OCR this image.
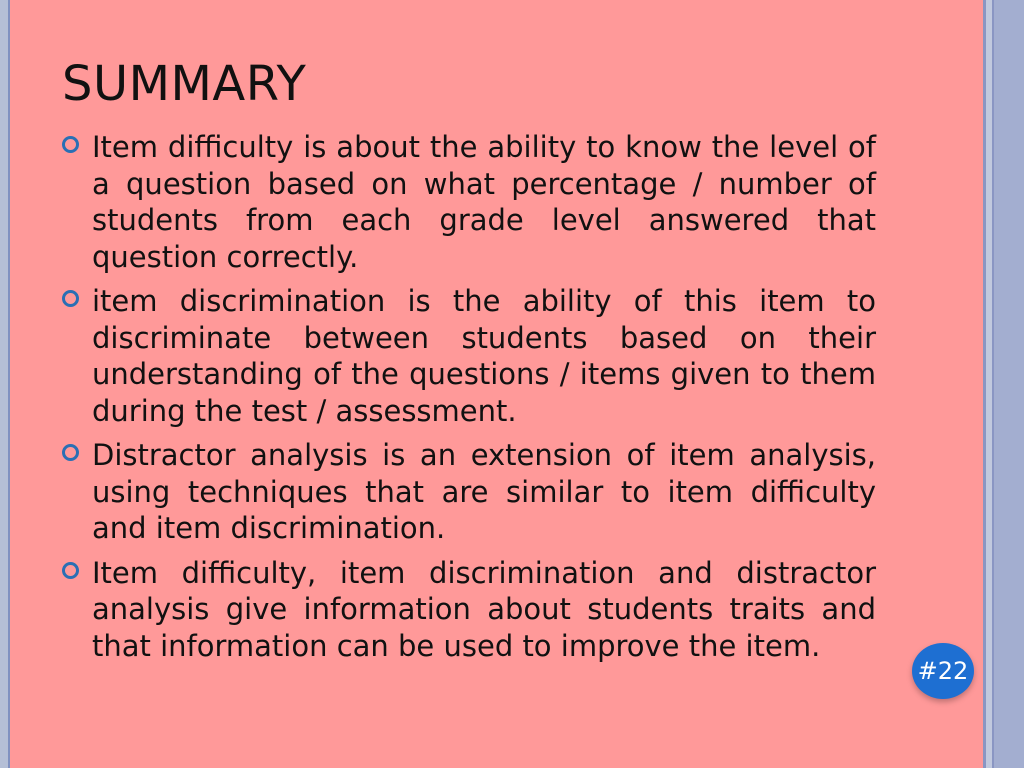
SUMMARY
Item difficulty is about the ability to know the level of a question based on what percentage / number of students from each grade level answered that question correctly.
item discrimination is the ability of this item to discriminate between students based on their understanding of the questions / items given to them during the test / assessment.
Distractor analysis is an extension of item analysis, using techniques that are similar to item difficulty and item discrimination.
Item difficulty, item discrimination and distractor analysis give information about students traits and that information can be used to improve the item.
#22
